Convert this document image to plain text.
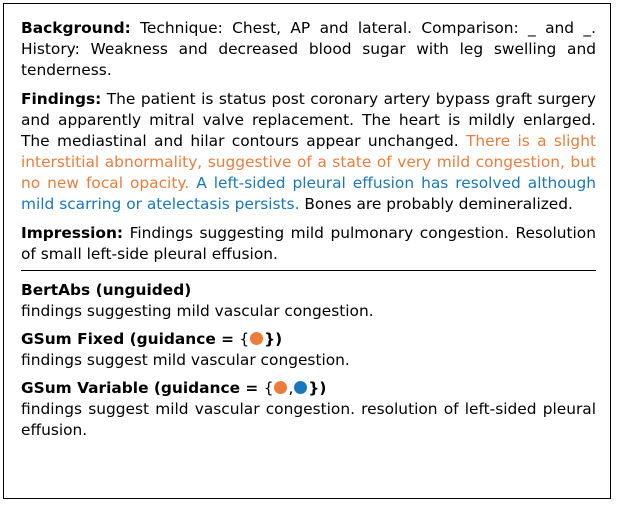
Background: Technique: Chest, AP and lateral. Comparison: _ and _. History: Weakness and decreased blood sugar with leg swelling and tenderness.

Findings: The patient is status post coronary artery bypass graft surgery and apparently mitral valve replacement. The heart is mildly enlarged. The mediastinal and hilar contours appear unchanged. There is a slight interstitial abnormality, suggestive of a state of very mild congestion, but no new focal opacity. A left-sided pleural effusion has resolved although mild scarring or atelectasis persists. Bones are probably demineralized.

Impression: Findings suggesting mild pulmonary congestion. Resolution of small left-side pleural effusion.

BertAbs (unguided)

findings suggesting mild vascular congestion.

GSum Fixed (guidance = { })

findings suggest mild vascular congestion.

GSum Variable (guidance = { , })

findings suggest mild vascular congestion. resolution of left-sided pleural effusion.
